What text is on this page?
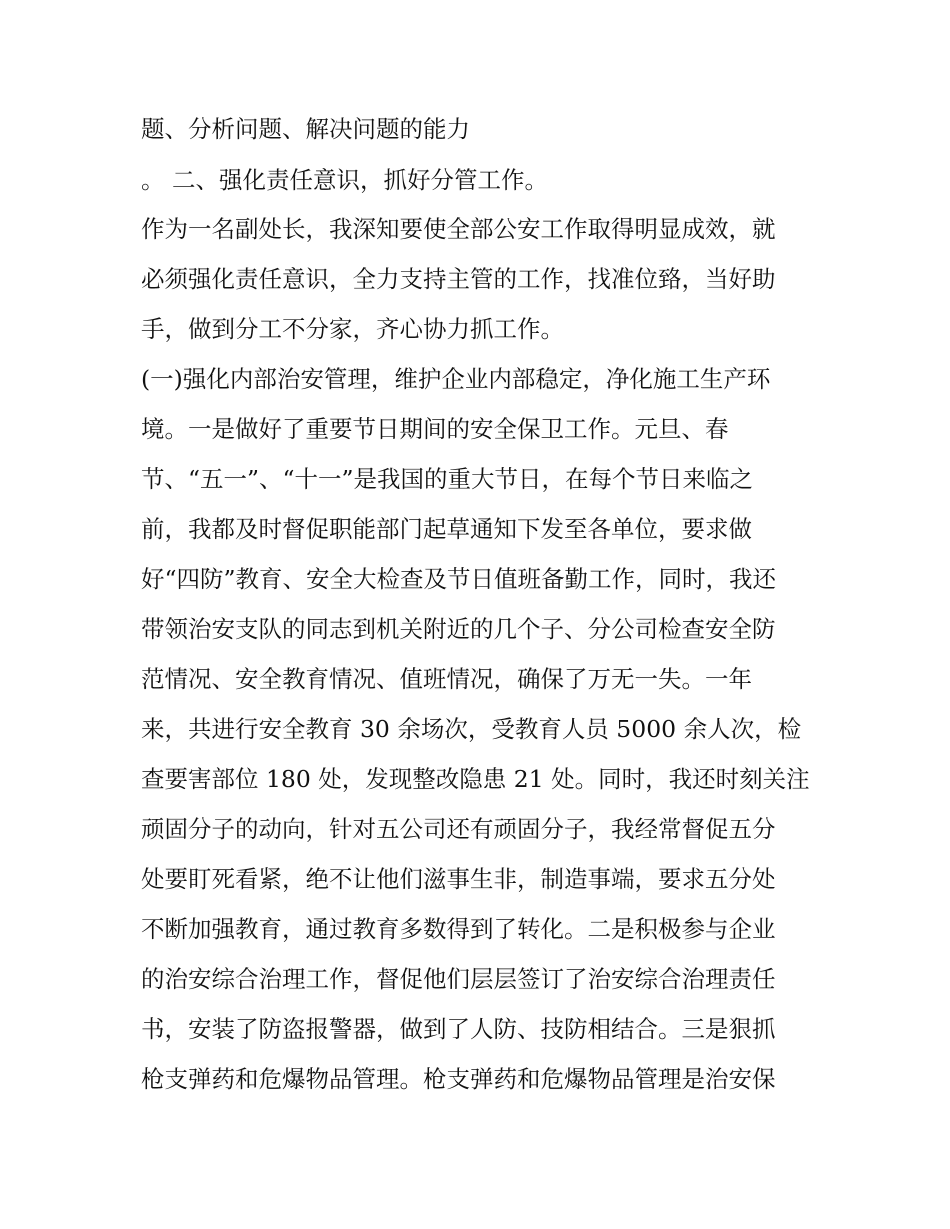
题、分析问题、解决问题的能力
。 二、强化责任意识，抓好分管工作。
作为一名副处长，我深知要使全部公安工作取得明显成效，就
必须强化责任意识，全力支持主管的工作，找准位臵，当好助
手，做到分工不分家，齐心协力抓工作。
(一)强化内部治安管理，维护企业内部稳定，净化施工生产环
境。一是做好了重要节日期间的安全保卫工作。元旦、春
节、“五一”、“十一”是我国的重大节日，在每个节日来临之
前，我都及时督促职能部门起草通知下发至各单位，要求做
好“四防”教育、安全大检查及节日值班备勤工作，同时，我还
带领治安支队的同志到机关附近的几个子、分公司检查安全防
范情况、安全教育情况、值班情况，确保了万无一失。一年
来，共进行安全教育 30 余场次，受教育人员 5000 余人次，检
查要害部位 180 处，发现整改隐患 21 处。同时，我还时刻关注
顽固分子的动向，针对五公司还有顽固分子，我经常督促五分
处要盯死看紧，绝不让他们滋事生非，制造事端，要求五分处
不断加强教育，通过教育多数得到了转化。二是积极参与企业
的治安综合治理工作，督促他们层层签订了治安综合治理责任
书，安装了防盗报警器，做到了人防、技防相结合。三是狠抓
枪支弹药和危爆物品管理。枪支弹药和危爆物品管理是治安保
